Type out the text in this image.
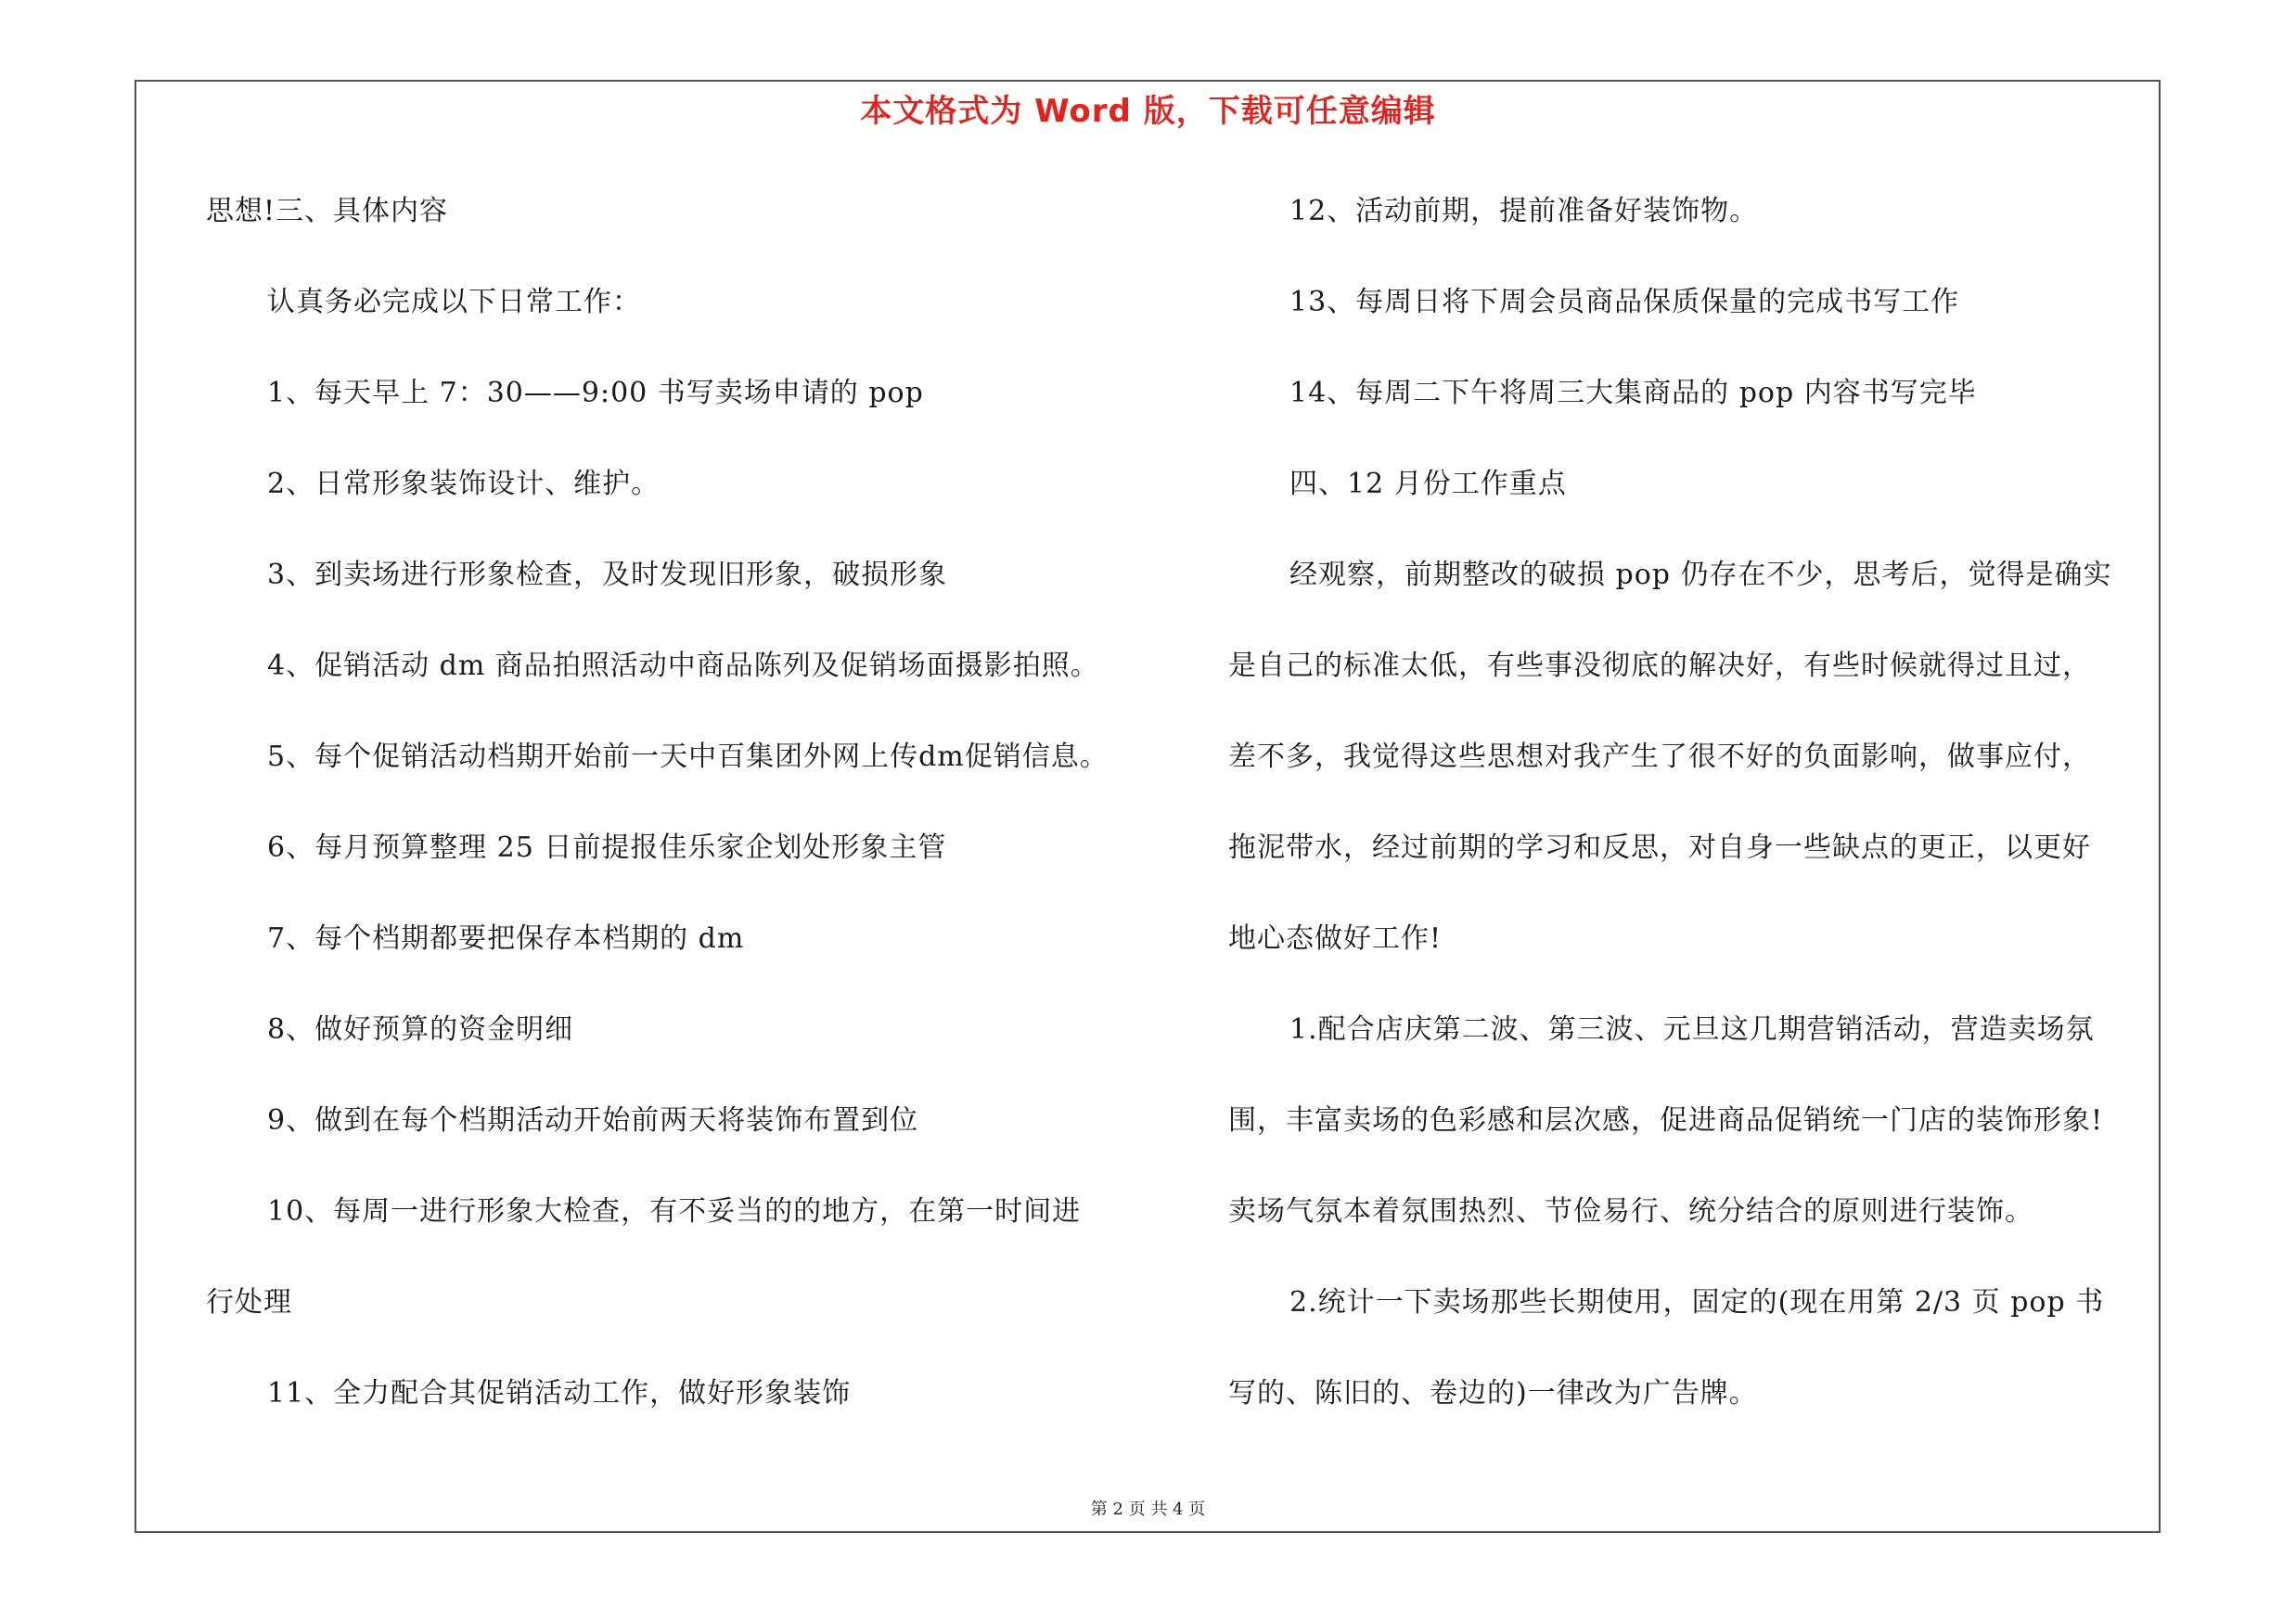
本文格式为 Word 版，下载可任意编辑
思想!三、具体内容
认真务必完成以下日常工作：
1、每天早上 7：30——9:00 书写卖场申请的 pop
2、日常形象装饰设计、维护。
3、到卖场进行形象检查，及时发现旧形象，破损形象
4、促销活动 dm 商品拍照活动中商品陈列及促销场面摄影拍照。
5、每个促销活动档期开始前一天中百集团外网上传dm促销信息。
6、每月预算整理 25 日前提报佳乐家企划处形象主管
7、每个档期都要把保存本档期的 dm
8、做好预算的资金明细
9、做到在每个档期活动开始前两天将装饰布置到位
10、每周一进行形象大检查，有不妥当的的地方，在第一时间进
行处理
11、全力配合其促销活动工作，做好形象装饰
12、活动前期，提前准备好装饰物。
13、每周日将下周会员商品保质保量的完成书写工作
14、每周二下午将周三大集商品的 pop 内容书写完毕
四、12 月份工作重点
经观察，前期整改的破损 pop 仍存在不少，思考后，觉得是确实
是自己的标准太低，有些事没彻底的解决好，有些时候就得过且过，
差不多，我觉得这些思想对我产生了很不好的负面影响，做事应付，
拖泥带水，经过前期的学习和反思，对自身一些缺点的更正，以更好
地心态做好工作!
1.配合店庆第二波、第三波、元旦这几期营销活动，营造卖场氛
围，丰富卖场的色彩感和层次感，促进商品促销统一门店的装饰形象!
卖场气氛本着氛围热烈、节俭易行、统分结合的原则进行装饰。
2.统计一下卖场那些长期使用，固定的(现在用第 2/3 页 pop 书
写的、陈旧的、卷边的)一律改为广告牌。
第 2 页 共 4 页
